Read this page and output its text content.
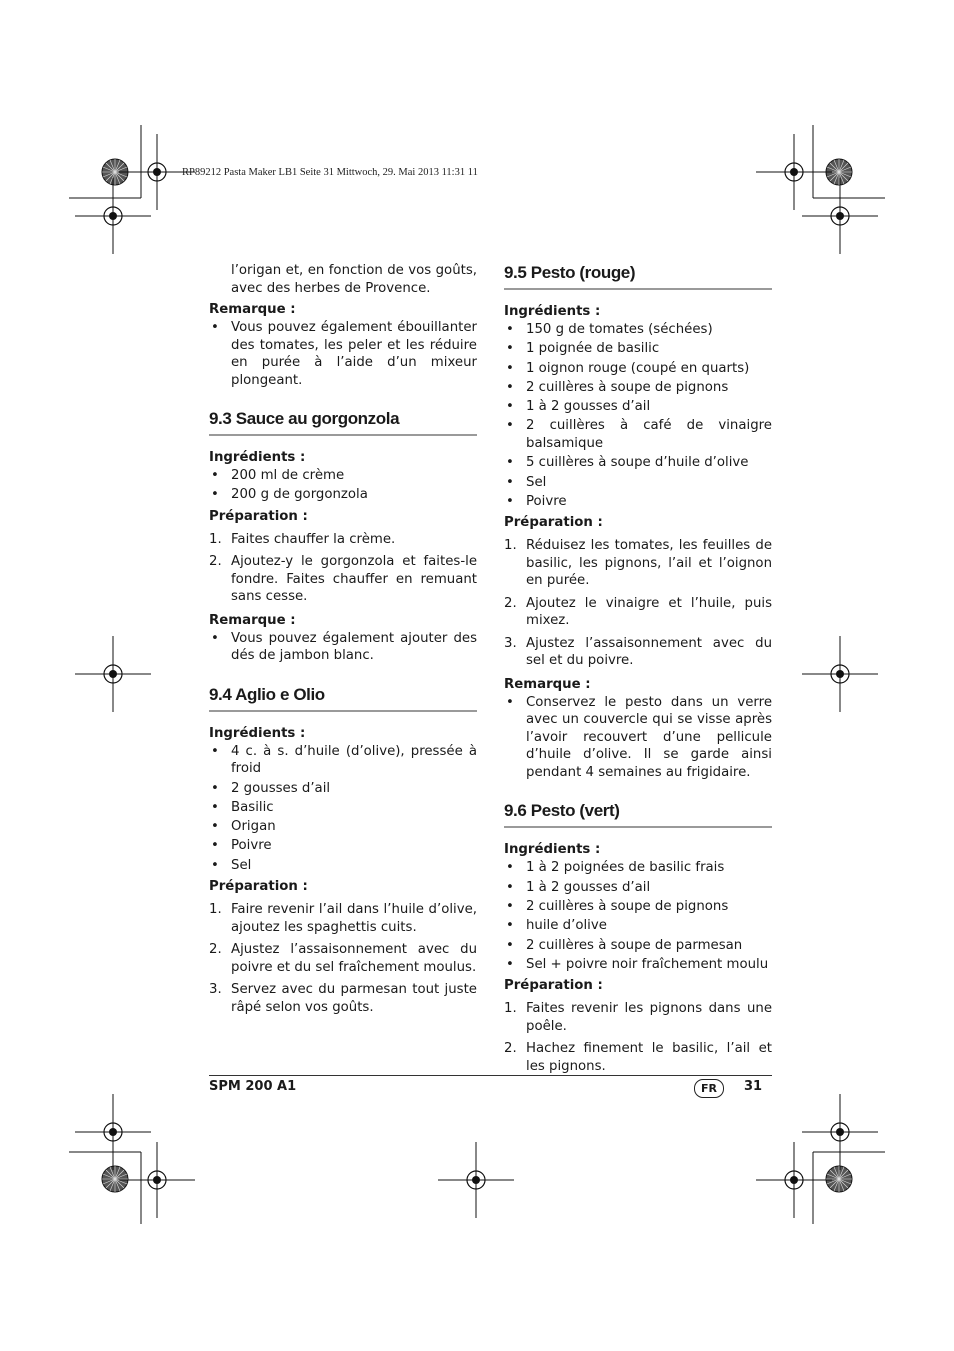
RP89212 Pasta Maker LB1 Seite 31 Mittwoch, 29. Mai 2013 11:31 11
l’origan et, en fonction de vos goûts, avec des herbes de Provence.
Remarque :
• Vous pouvez également ébouillanter des tomates, les peler et les réduire en purée à l’aide d’un mixeur plongeant.
9.3 Sauce au gorgonzola
Ingrédients :
• 200 ml de crème
• 200 g de gorgonzola
Préparation :
1. Faites chauffer la crème.
2. Ajoutez-y le gorgonzola et faites-le fondre. Faites chauffer en remuant sans cesse.
Remarque :
• Vous pouvez également ajouter des dés de jambon blanc.
9.4 Aglio e Olio
Ingrédients :
• 4 c. à s. d’huile (d’olive), pressée à froid
• 2 gousses d’ail
• Basilic
• Origan
• Poivre
• Sel
Préparation :
1. Faire revenir l’ail dans l’huile d’olive, ajoutez les spaghettis cuits.
2. Ajustez l’assaisonnement avec du poivre et du sel fraîchement moulus.
3. Servez avec du parmesan tout juste râpé selon vos goûts.
9.5 Pesto (rouge)
Ingrédients :
• 150 g de tomates (séchées)
• 1 poignée de basilic
• 1 oignon rouge (coupé en quarts)
• 2 cuillères à soupe de pignons
• 1 à 2 gousses d’ail
• 2 cuillères à café de vinaigre balsamique
• 5 cuillères à soupe d’huile d’olive
• Sel
• Poivre
Préparation :
1. Réduisez les tomates, les feuilles de basilic, les pignons, l’ail et l’oignon en purée.
2. Ajoutez le vinaigre et l’huile, puis mixez.
3. Ajustez l’assaisonnement avec du sel et du poivre.
Remarque :
• Conservez le pesto dans un verre avec un couvercle qui se visse après l’avoir recouvert d’une pellicule d’huile d’olive. Il se garde ainsi pendant 4 semaines au frigidaire.
9.6 Pesto (vert)
Ingrédients :
• 1 à 2 poignées de basilic frais
• 1 à 2 gousses d’ail
• 2 cuillères à soupe de pignons
• huile d’olive
• 2 cuillères à soupe de parmesan
• Sel + poivre noir fraîchement moulu
Préparation :
1. Faites revenir les pignons dans une poêle.
2. Hachez finement le basilic, l’ail et les pignons.
SPM 200 A1	FR	31
